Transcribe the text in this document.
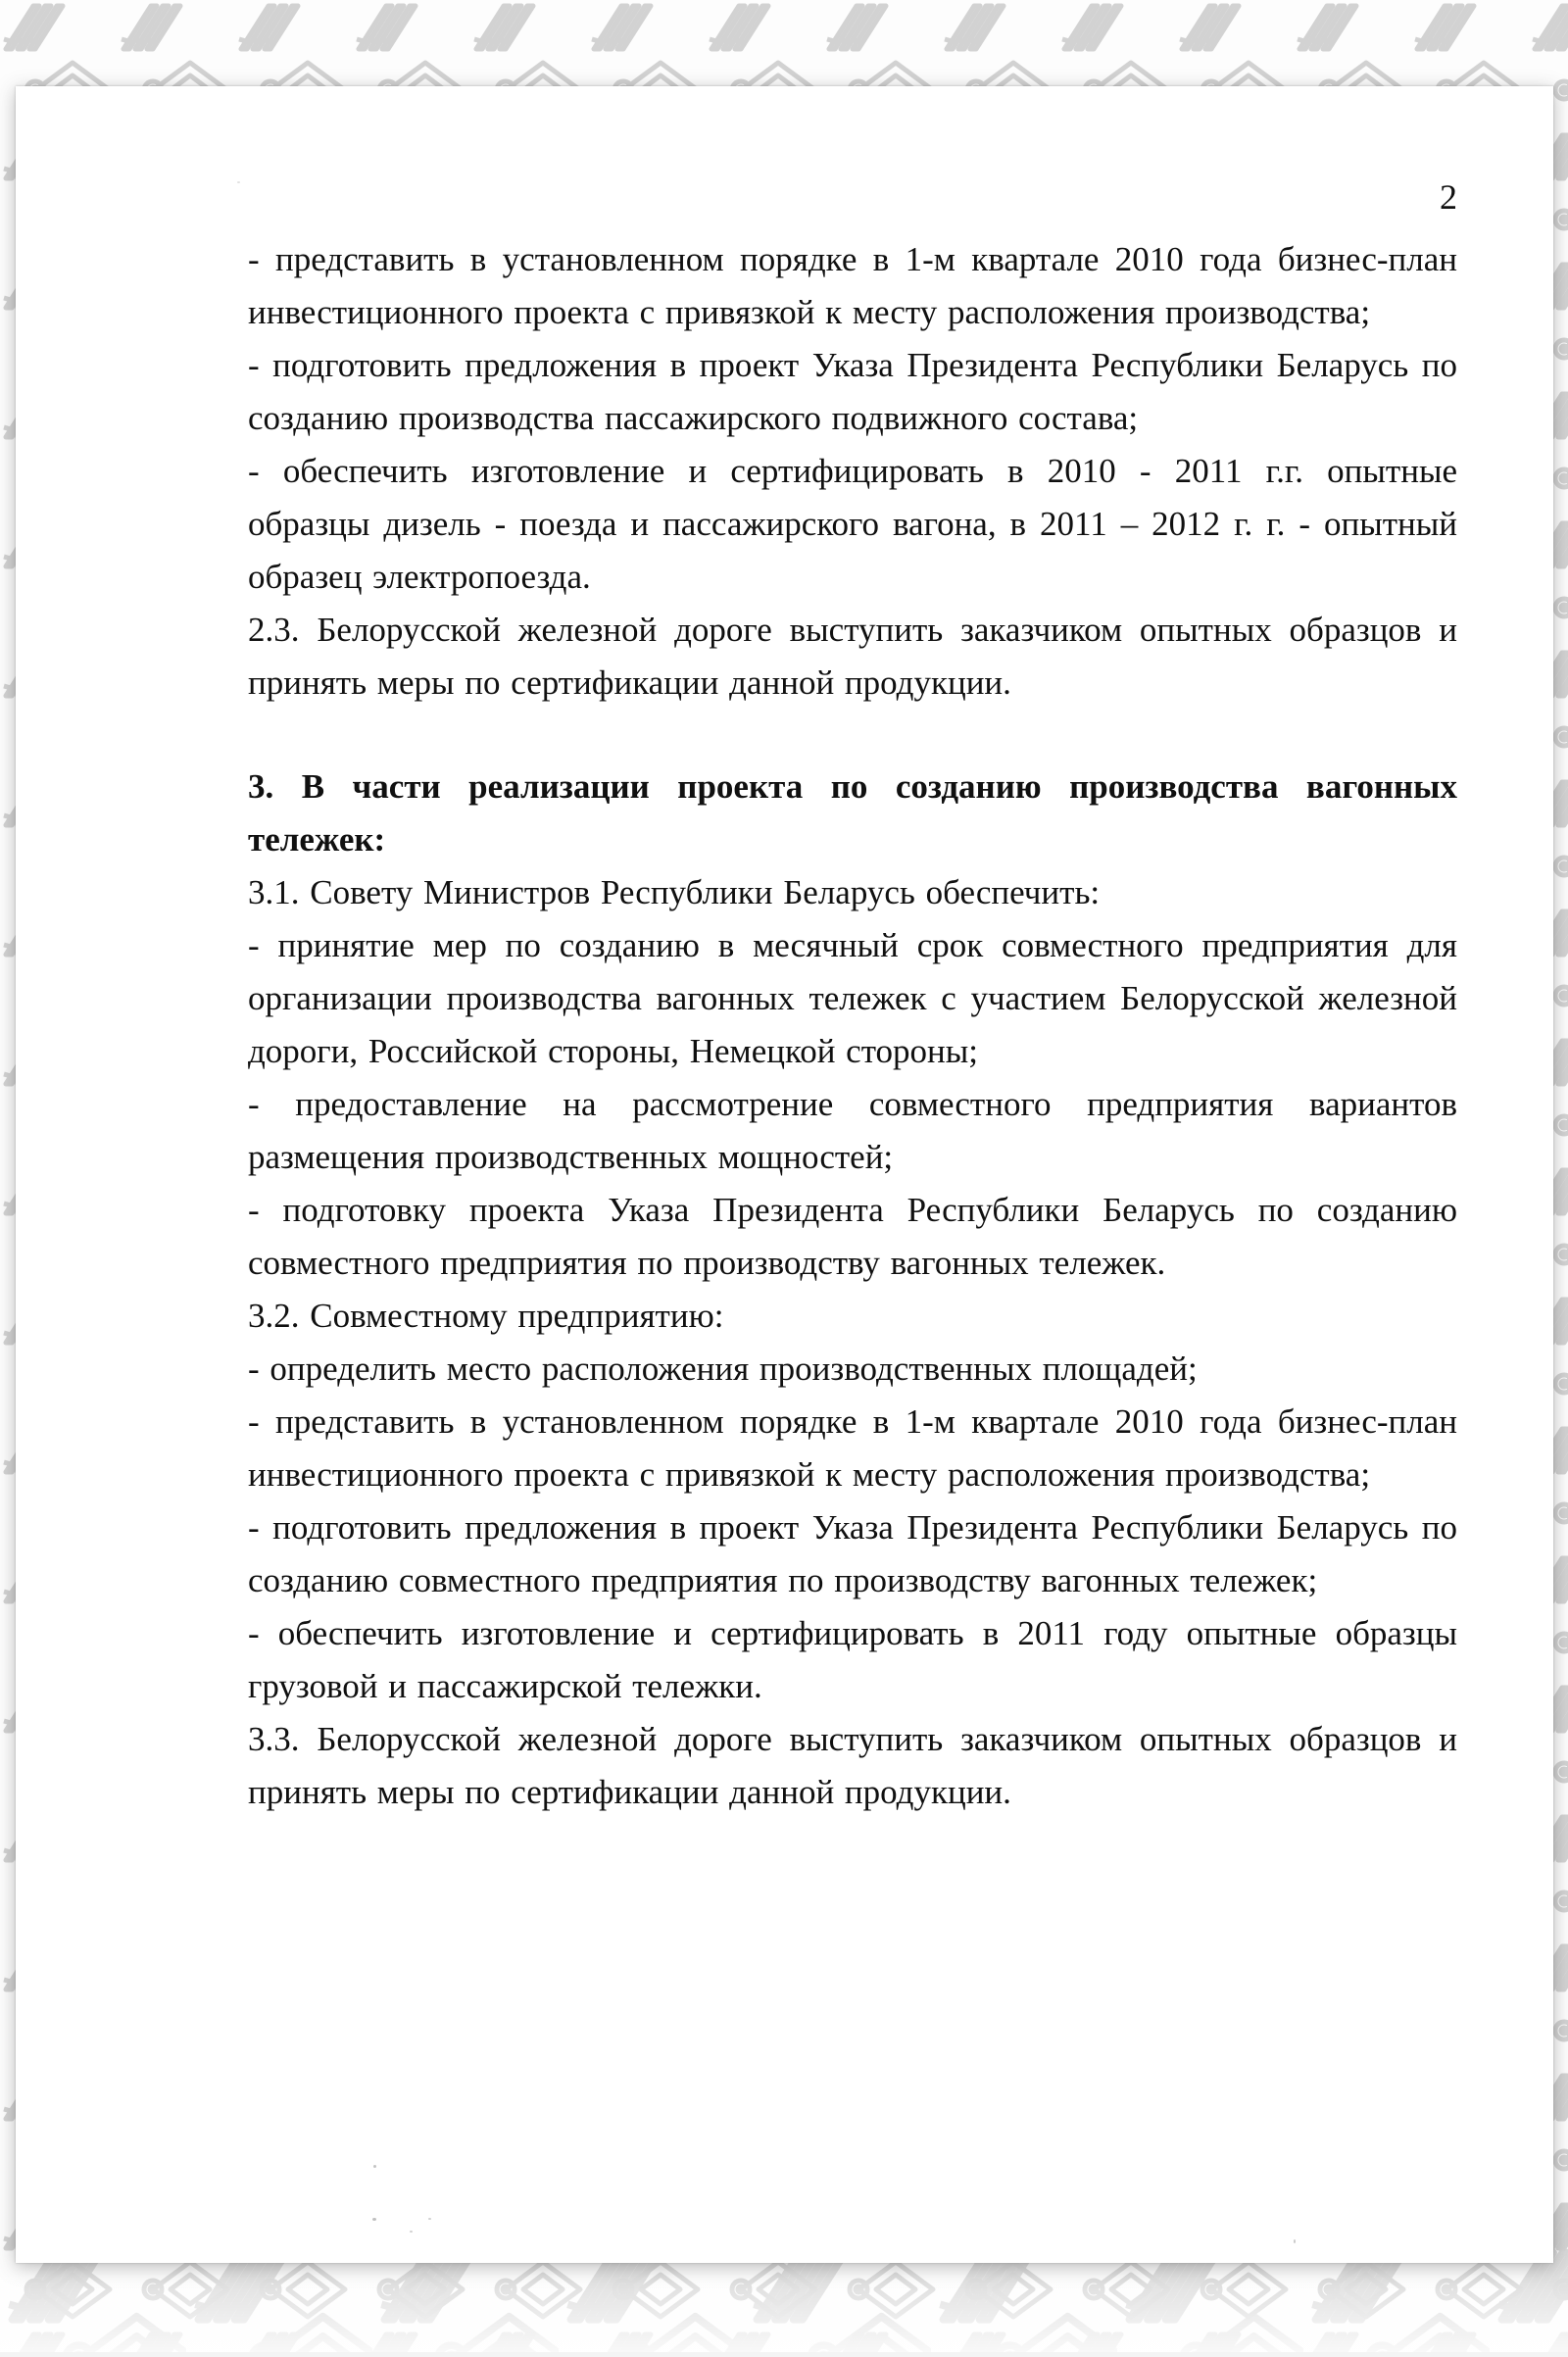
2

- представить в установленном порядке в 1-м квартале 2010 года бизнес-план инвестиционного проекта с привязкой к месту расположения производства;

- подготовить предложения в проект Указа Президента Республики Беларусь по созданию производства пассажирского подвижного состава;

- обеспечить изготовление и сертифицировать в 2010 - 2011 г.г. опытные образцы дизель - поезда и пассажирского вагона, в 2011 – 2012 г. г. - опытный образец электропоезда.

2.3. Белорусской железной дороге выступить заказчиком опытных образцов и принять меры по сертификации данной продукции.

3. В части реализации проекта по созданию производства вагонных тележек:

3.1. Совету Министров Республики Беларусь обеспечить:

- принятие мер по созданию в месячный срок совместного предприятия для организации производства вагонных тележек с участием Белорусской железной дороги, Российской стороны, Немецкой стороны;

- предоставление на рассмотрение совместного предприятия вариантов размещения производственных мощностей;

- подготовку проекта Указа Президента Республики Беларусь по созданию совместного предприятия по производству вагонных тележек.

3.2. Совместному предприятию:

- определить место расположения производственных площадей;

- представить в установленном порядке в 1-м квартале 2010 года бизнес-план инвестиционного проекта с привязкой к месту расположения производства;

- подготовить предложения в проект Указа Президента Республики Беларусь по созданию совместного предприятия по производству вагонных тележек;

- обеспечить изготовление и сертифицировать в 2011 году опытные образцы грузовой и пассажирской тележки.

3.3. Белорусской железной дороге выступить заказчиком опытных образцов и принять меры по сертификации данной продукции.
